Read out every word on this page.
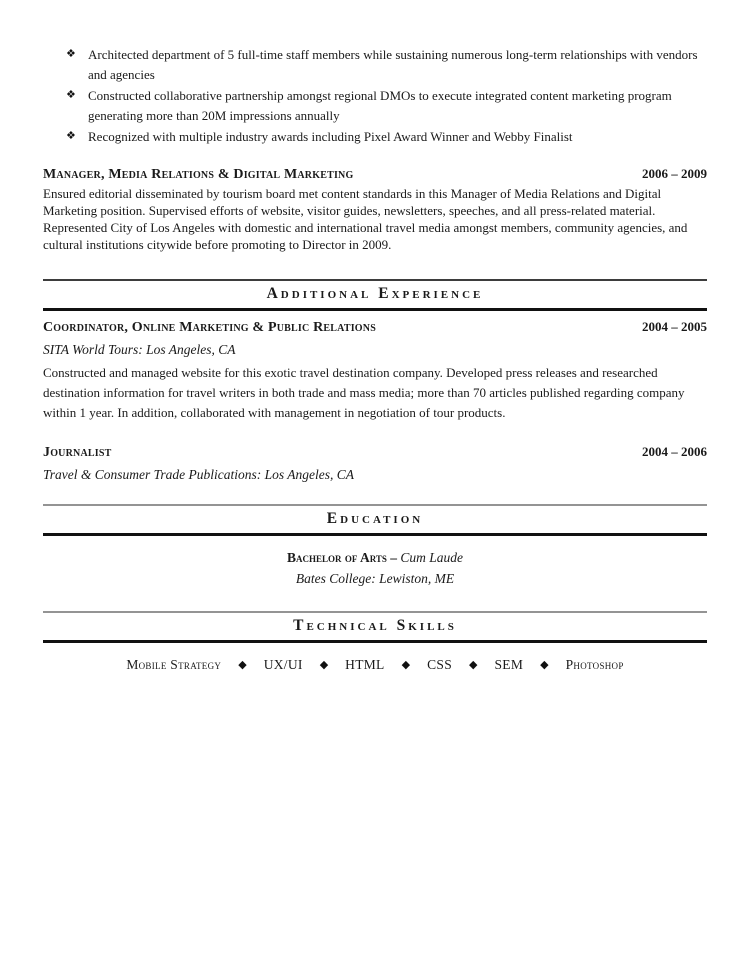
❖ Architected department of 5 full-time staff members while sustaining numerous long-term relationships with vendors and agencies
❖ Constructed collaborative partnership amongst regional DMOs to execute integrated content marketing program generating more than 20M impressions annually
❖ Recognized with multiple industry awards including Pixel Award Winner and Webby Finalist
Manager, Media Relations & Digital Marketing	2006 – 2009

Ensured editorial disseminated by tourism board met content standards in this Manager of Media Relations and Digital Marketing position. Supervised efforts of website, visitor guides, newsletters, speeches, and all press-related material. Represented City of Los Angeles with domestic and international travel media amongst members, community agencies, and cultural institutions citywide before promoting to Director in 2009.

Additional Experience
Coordinator, Online Marketing & Public Relations	2004 – 2005
SITA World Tours: Los Angeles, CA

Constructed and managed website for this exotic travel destination company. Developed press releases and researched destination information for travel writers in both trade and mass media; more than 70 articles published regarding company within 1 year. In addition, collaborated with management in negotiation of tour products.

Journalist	2004 – 2006
Travel & Consumer Trade Publications: Los Angeles, CA
Education
Bachelor of Arts – Cum Laude
Bates College: Lewiston, ME
Technical Skills
Mobile Strategy ◆ UX/UI ◆ HTML ◆ CSS ◆ SEM ◆ Photoshop
